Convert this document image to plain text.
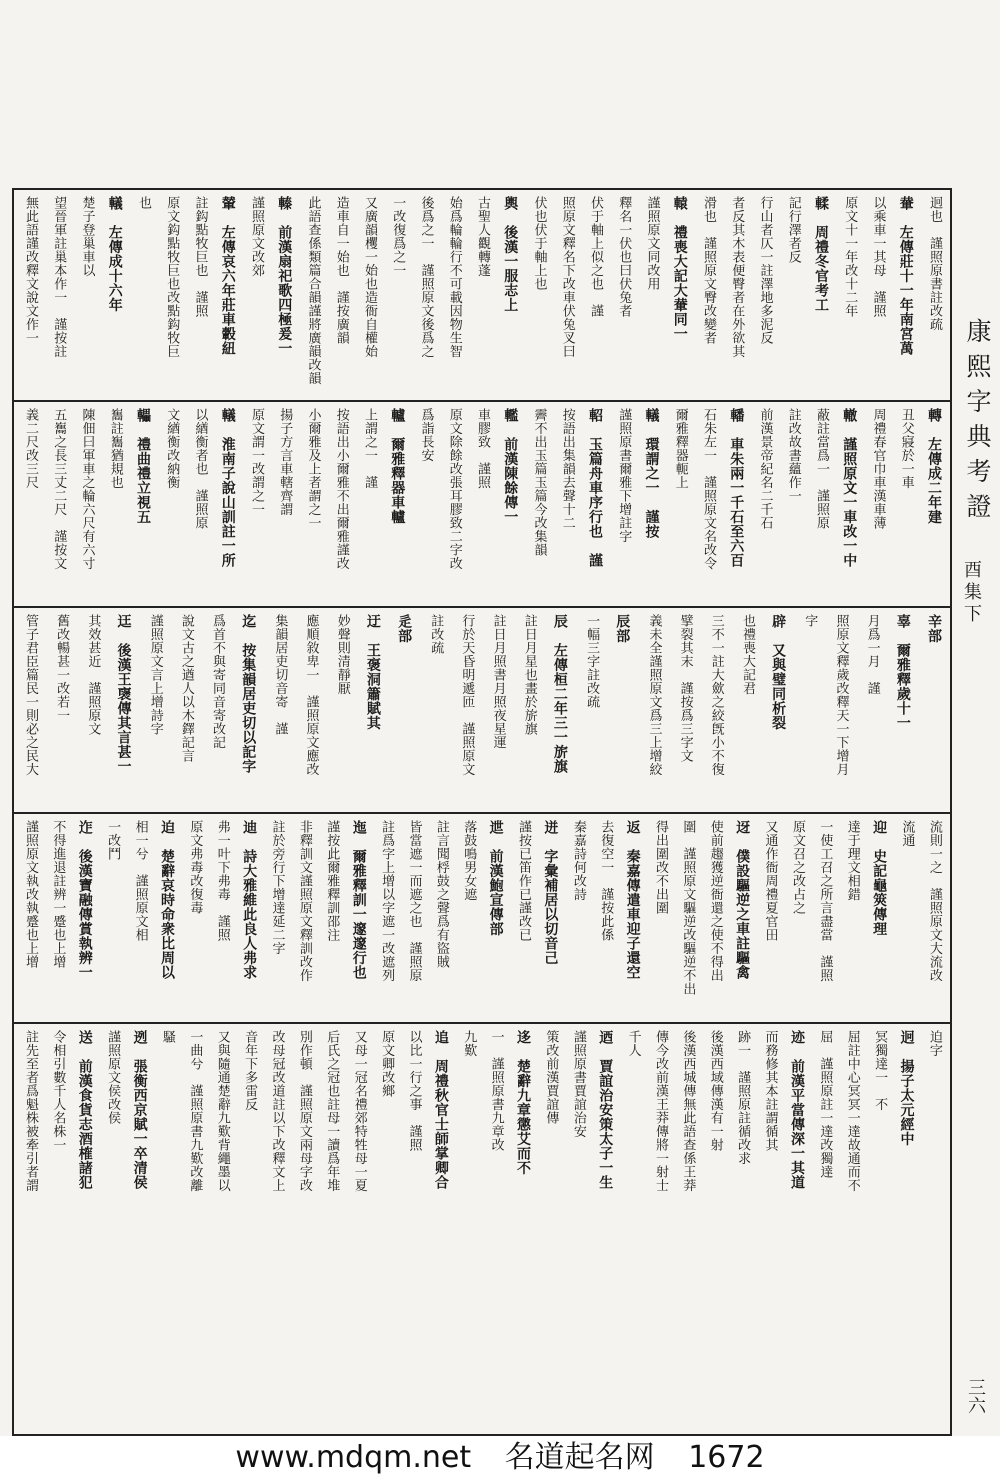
迥也　謹照原書註改疏
輂　左傳莊十一年南宮萬
以乘車一其母　謹照
原文十一年改十二年
輮　周禮冬官考工
記行澤者反
行山者仄一註澤地多泥反
者反其木表便臀者在外欲其
滑也　謹照原文臀改變者
轅　禮喪大記大輂同一
謹照原文同改用
釋名一伏也曰伏兔者
伏于軸上似之也　謹
照原文釋名下改車伏兔叉曰
伏也伏于軸上也
輿　後漢一服志上
古聖人觀轉蓬
始爲輪輪行不可載因物生智
後爲之一　謹照原文後爲之
一改復爲之一
又廣韻欔一始也造衙自權始
造車自一始也　謹按廣韻
此語查係類篇合韻謹將廣韻改韻
轃　前漢扇祀歌四極爰一
謹照原文改郊
輦　左傳哀六年莊車轂紐
註鈎點牧巨也　謹照
原文鈎點牧巨也改點鈎牧巨
也
轙　左傳成十六年
楚子登巢車以
望晉軍註巢本作一　謹按註
無此語謹改釋文說文作一
轉　左傳成二年建
丑父寢於一車
周禮春官巾車漢車薄
轍　謹照原文一車改一中
蔽註當爲一　謹照原
註改故書蘊作一
前漢景帝紀名二千石
轓　車朱兩一千石至六百
石朱左一　謹照原文名改令
爾雅釋器軛上
轙　環謂之一　謹按
謹照原書爾雅下增註字
軺　玉篇舟車序行也　謹
按語出集韻去聲十二
霽不出玉篇玉篇今改集韻
轞　前漢陳餘傳一
車膠致　謹照
原文除餘改張耳膠致二字改
爲詣長安
轤　爾雅釋器車轤
上謂之一　謹
按語出小爾雅不出爾雅謹改
小爾雅及上者謂之一
揚子方言車轄齊謂
原文謂一改謂之一
轙　淮南子說山訓註一所
以緧衡者也　謹照原
文緧衡改納衡
轠　禮曲禮立視五
雟註雟猶規也
陳佃曰軍車之輪六尺有六寸
五雟之長三丈二尺　謹按文
義二尺改三尺
辛部
辜　爾雅釋歲十一
月爲一月　謹
照原文釋歲改釋天一下增月
字
辟　又與璧同析裂
也禮喪大記君
三不一註大歛之絞旣小不復
擘裂其末　謹按爲三字文
義未全謹照原文爲三上增絞
辰部
一幅三字註改疏
辰　左傳桓二年三一旂旗
註日月星也畫於旂旗
註日月照書月照夜星運
行於天昏明遞匝　謹照原文
註改疏
辵部
迂　王褒洞簫賦其
妙聲則清靜厭
應順敘卑一　謹照原文應改
集韻居吏切音寄　謹
迄　按集韻居吏切以記字
爲首不與寄同音寄改記
說文古之遒人以木鐸記言
謹照原文言上增詩字
迋　後漢王襃傳其言甚一
其效甚近　謹照原文
舊改暢甚一改若一
管子君臣篇民一則必之民大
流則一之　謹照原文大流改
流通
迎　史記龜筴傳理
達于理文相錯
一使工召之所言盡當　謹照
原文召之改占之
又通作衙周禮夏官田
迓　僕設驅逆之車註驅禽
使前趨獲逆衙還之使不得出
圍　謹照原文驅逆改驅逆不出
得出圍改不出圍
返　秦嘉傳遣車迎子還空
去復空一　謹按此係
秦嘉詩何改詩
迸　字彙補居以切音己
謹按已笛作已謹改已
迣　前漢鮑宣傳部
落鼓鳴男女遮
註言聞桴鼓之聲爲有盜賊
皆當遮一而遮之也　謹照原
註爲字上增以字遮一改遮列
迤　爾雅釋訓一邃邃行也
謹按此爾雅釋訓邵注
非釋訓文謹照原文釋訓改作
註於旁行下增達延二字
迪　詩大雅維此良人弗求
弗一叶下弗毒　謹照
原文弗毒改復毒
迫　楚辭哀時命衆比周以
相一兮　謹照原文相
一改鬥
迮　後漢寶融傳賞執辨一
不得進退註辨一蹙也上增
謹照原文執改執蹙也上增
迫字
迥　揚子太元經中
冥獨達一　不
屈註中心冥冥一達故通而不
屈　謹照原註一達改獨達
迹　前漢平當傳深一其道
而務修其本註謂循其
跡一　謹照原註循改求
後漢西域傳漢有一射
後漢西城傳無此語查係王莽
傳今改前漢王莽傳將一射士
千人
迺　賈誼治安策太子一生
謹照原書賈誼治安
策改前漢賈誼傳
迻　楚辭九章懲艾而不
一　謹照原書九章改
九歎
追　周禮秋官士師掌卿合
以比一行之事　謹照
原文卿改鄉
又母一冠名禮郊特牲母一夏
后氏之冠也註母一讀爲年堆
別作頓　謹照原文兩母字改
改母冠改道註以下改釋文上
音年下多雷反
又與隨通楚辭九歎背繩墨以
一曲兮　謹照原書九歎改離
騷
迾　張衡西京賦一卒清侯
謹照原文侯改侯
送　前漢食貨志酒榷諸犯
令相引數千人名株一
註先至者爲魁株被牽引者謂
康熙字典考證
酉集下
三六
www.mdqm.net 名道起名网 1672
